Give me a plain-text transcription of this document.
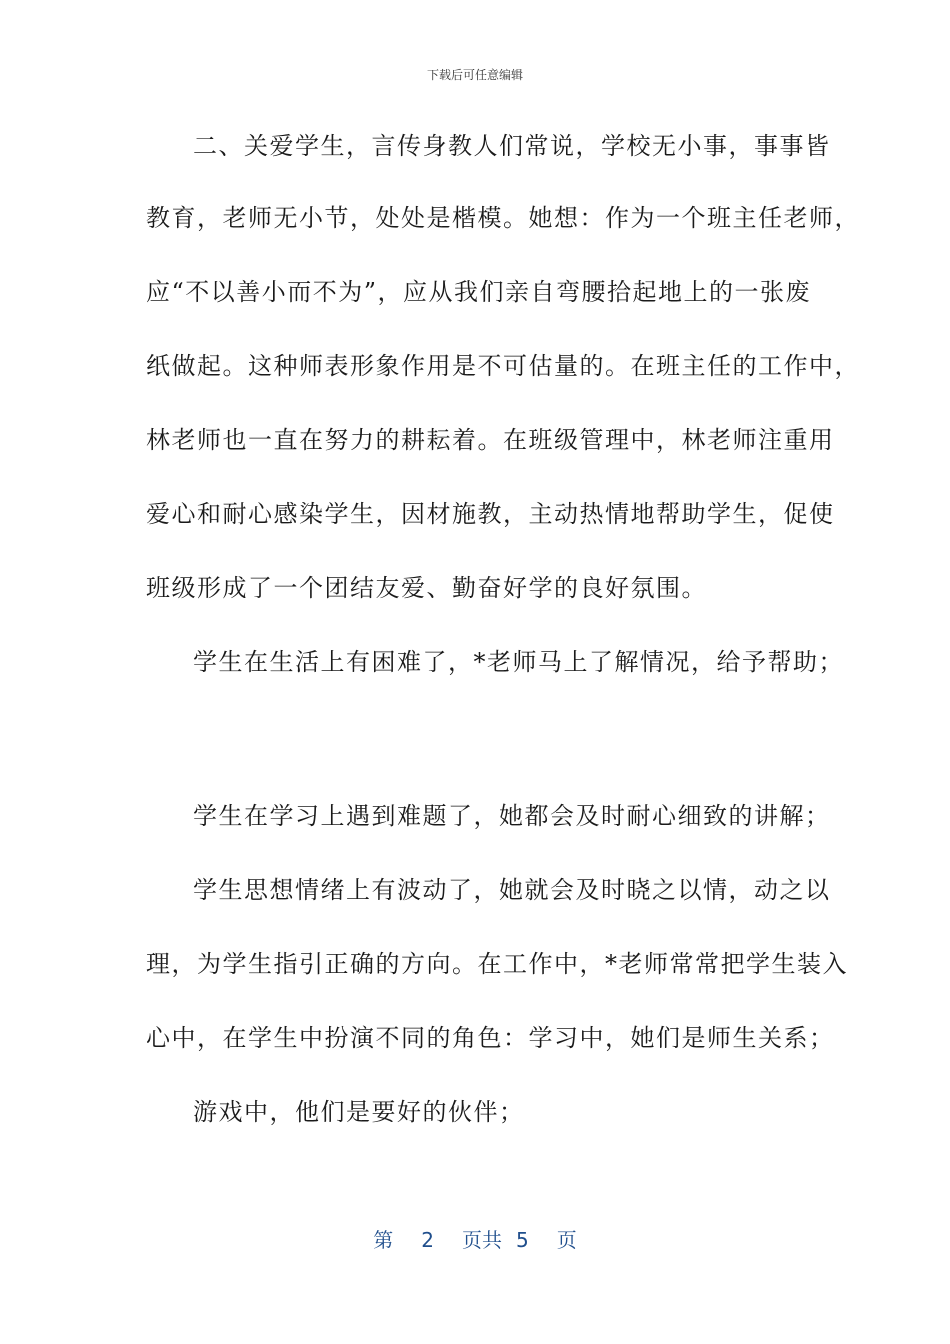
下载后可任意编辑
二、关爱学生，言传身教人们常说，学校无小事，事事皆
教育，老师无小节，处处是楷模。她想：作为一个班主任老师，
应“不以善小而不为”，应从我们亲自弯腰拾起地上的一张废
纸做起。这种师表形象作用是不可估量的。在班主任的工作中，
林老师也一直在努力的耕耘着。在班级管理中，林老师注重用
爱心和耐心感染学生，因材施教，主动热情地帮助学生，促使
班级形成了一个团结友爱、勤奋好学的良好氛围。
学生在生活上有困难了，*老师马上了解情况，给予帮助；
学生在学习上遇到难题了，她都会及时耐心细致的讲解；
学生思想情绪上有波动了，她就会及时晓之以情，动之以
理，为学生指引正确的方向。在工作中，*老师常常把学生装入
心中，在学生中扮演不同的角色：学习中，她们是师生关系；
游戏中，他们是要好的伙伴；
第 2 页共 5 页
